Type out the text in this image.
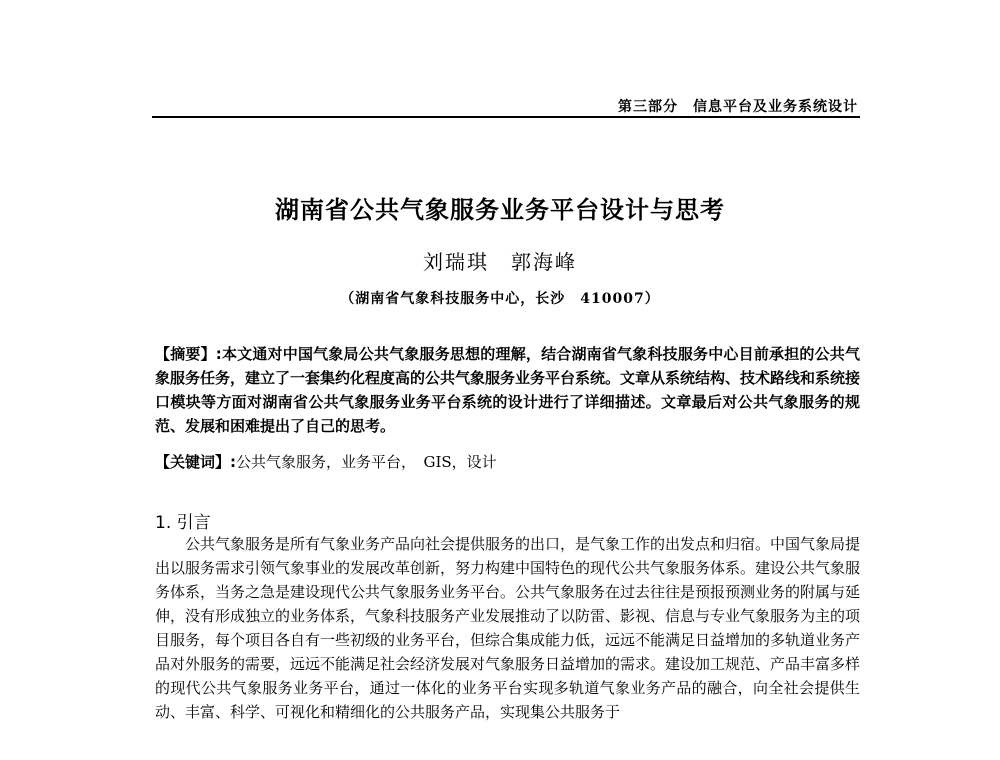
第三部分　信息平台及业务系统设计
湖南省公共气象服务业务平台设计与思考
刘瑞琪　郭海峰
（湖南省气象科技服务中心，长沙　410007）
【摘要】:本文通对中国气象局公共气象服务思想的理解，结合湖南省气象科技服务中心目前承担的公共气象服务任务，建立了一套集约化程度高的公共气象服务业务平台系统。文章从系统结构、技术路线和系统接口模块等方面对湖南省公共气象服务业务平台系统的设计进行了详细描述。文章最后对公共气象服务的规范、发展和困难提出了自己的思考。
【关键词】:公共气象服务，业务平台，　GIS，设计
1. 引言
公共气象服务是所有气象业务产品向社会提供服务的出口，是气象工作的出发点和归宿。中国气象局提出以服务需求引领气象事业的发展改革创新，努力构建中国特色的现代公共气象服务体系。建设公共气象服务体系，当务之急是建设现代公共气象服务业务平台。公共气象服务在过去往往是预报预测业务的附属与延伸，没有形成独立的业务体系，气象科技服务产业发展推动了以防雷、影视、信息与专业气象服务为主的项目服务，每个项目各自有一些初级的业务平台，但综合集成能力低，远远不能满足日益增加的多轨道业务产品对外服务的需要，远远不能满足社会经济发展对气象服务日益增加的需求。建设加工规范、产品丰富多样的现代公共气象服务业务平台，通过一体化的业务平台实现多轨道气象业务产品的融合，向全社会提供生动、丰富、科学、可视化和精细化的公共服务产品，实现集公共服务于
